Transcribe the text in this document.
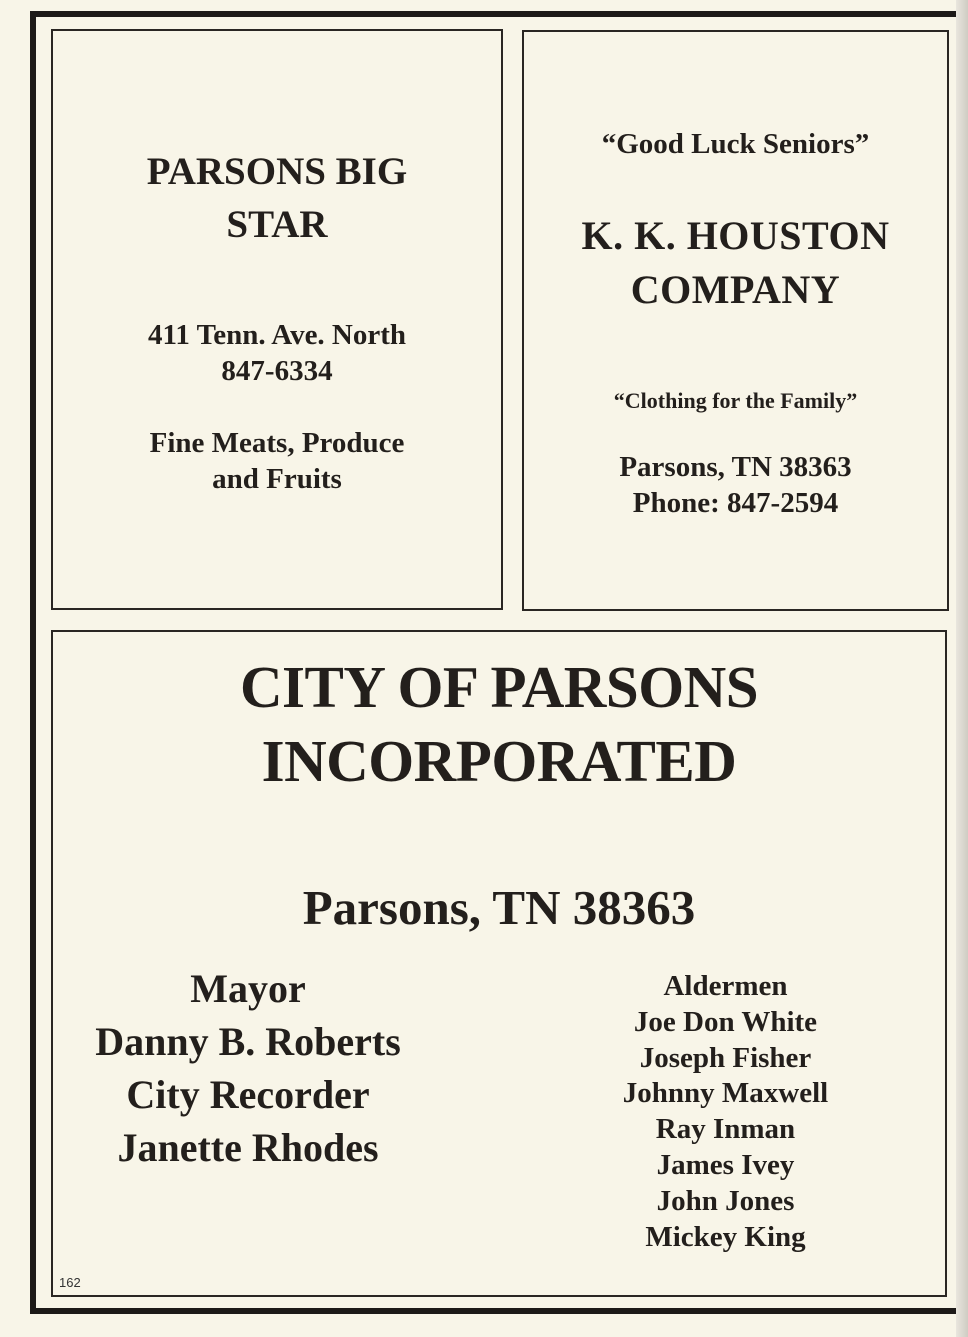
PARSONS BIG
STAR
411 Tenn. Ave. North
847-6334
Fine Meats, Produce
and Fruits
“Good Luck Seniors”
K. K. HOUSTON
COMPANY
“Clothing for the Family”
Parsons, TN 38363
Phone: 847-2594
CITY OF PARSONS
INCORPORATED
Parsons, TN 38363
Mayor
Danny B. Roberts
City Recorder
Janette Rhodes
Aldermen
Joe Don White
Joseph Fisher
Johnny Maxwell
Ray Inman
James Ivey
John Jones
Mickey King
162
